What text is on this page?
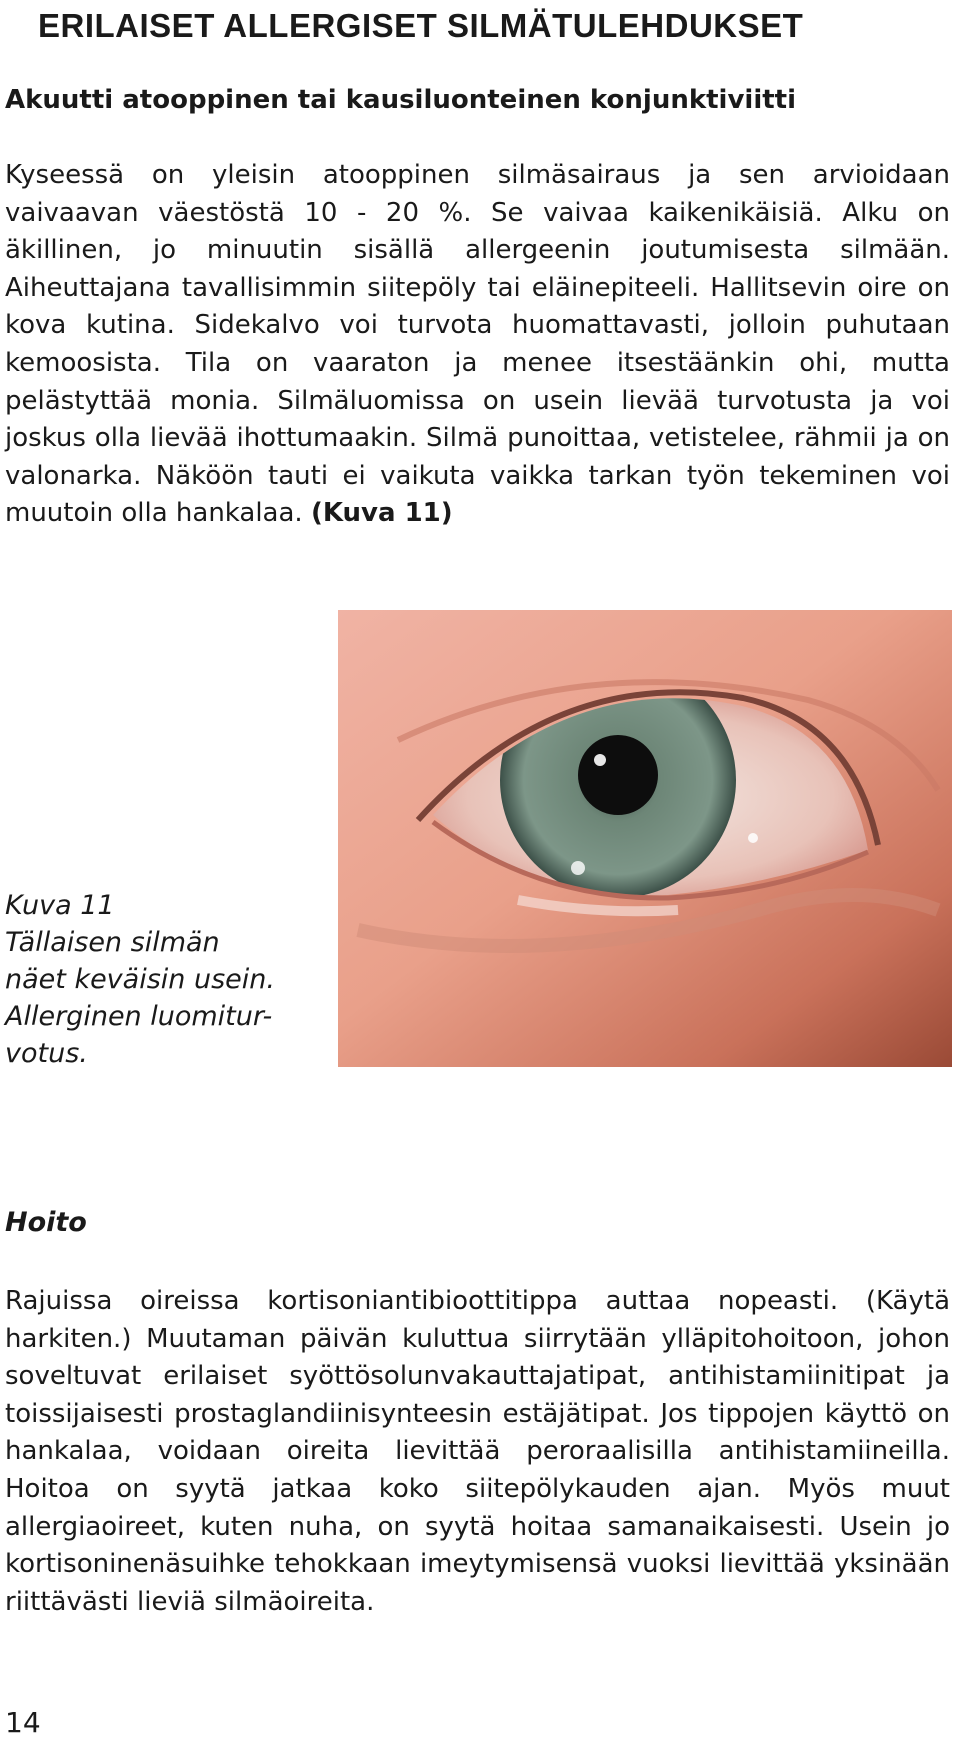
ERILAISET ALLERGISET SILMÄTULEHDUKSET
Akuutti atooppinen tai kausiluonteinen konjunktiviitti

Kyseessä on yleisin atooppinen silmäsairaus ja sen arvioidaan vaivaavan väestöstä 10 - 20 %. Se vaivaa kaikenikäisiä. Alku on äkillinen, jo minuutin sisällä allergeenin joutumisesta silmään. Aiheuttajana tavallisimmin siitepöly tai eläinepiteeli. Hallitsevin oire on kova kutina. Sidekalvo voi turvota huomattavasti, jolloin puhutaan kemoosista. Tila on vaaraton ja menee itsestäänkin ohi, mutta pelästyttää monia. Silmäluomissa on usein lievää turvotusta ja voi joskus olla lievää ihottumaakin. Silmä punoittaa, vetistelee, rähmii ja on valonarka. Näköön tauti ei vaikuta vaikka tarkan työn tekeminen voi muutoin olla hankalaa. (Kuva 11)

Kuva 11
Tällaisen silmän
näet keväisin usein.
Allerginen luomitur-
votus.
Hoito

Rajuissa oireissa kortisoniantibioottitippa auttaa nopeasti. (Käytä harkiten.) Muutaman päivän kuluttua siirrytään ylläpitohoitoon, johon soveltuvat erilaiset syöttösolunvakauttajatipat, antihistamiinitipat ja toissijaisesti prostaglandiinisynteesin estäjätipat. Jos tippojen käyttö on hankalaa, voidaan oireita lievittää peroraalisilla antihistamiineilla. Hoitoa on syytä jatkaa koko siitepölykauden ajan. Myös muut allergiaoireet, kuten nuha, on syytä hoitaa samanaikaisesti. Usein jo kortisoninenäsuihke tehokkaan imeytymisensä vuoksi lievittää yksinään riittävästi lieviä silmäoireita.

14
